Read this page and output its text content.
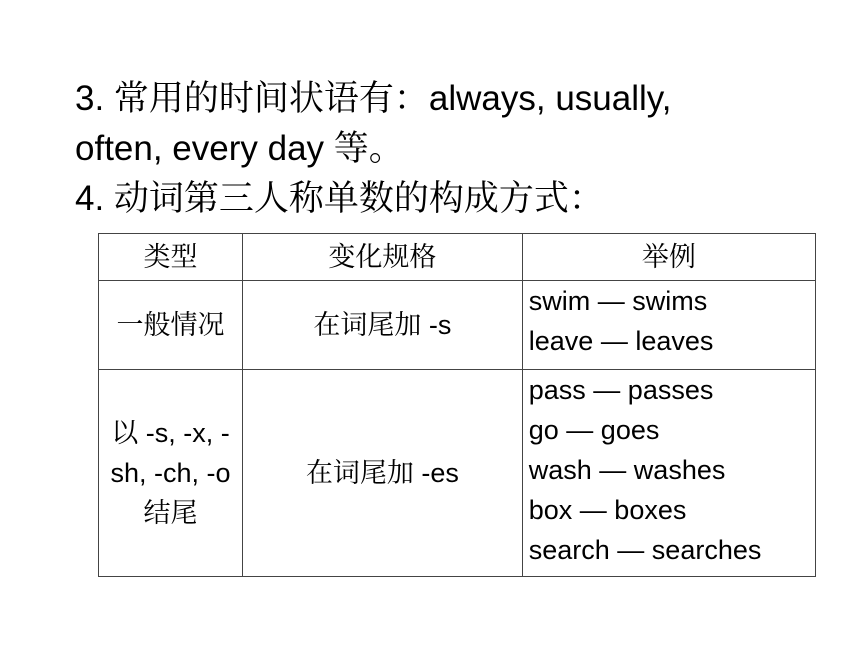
3. 常用的时间状语有：always, usually,
often, every day 等。
4. 动词第三人称单数的构成方式：
类型	变化规格	举例
一般情况	在词尾加 -s	swim — swims
leave — leaves

以 -s, -x, -sh, -ch, -o 结尾	在词尾加 -es	pass — passes
go — goes
wash — washes
box — boxes
search — searches
